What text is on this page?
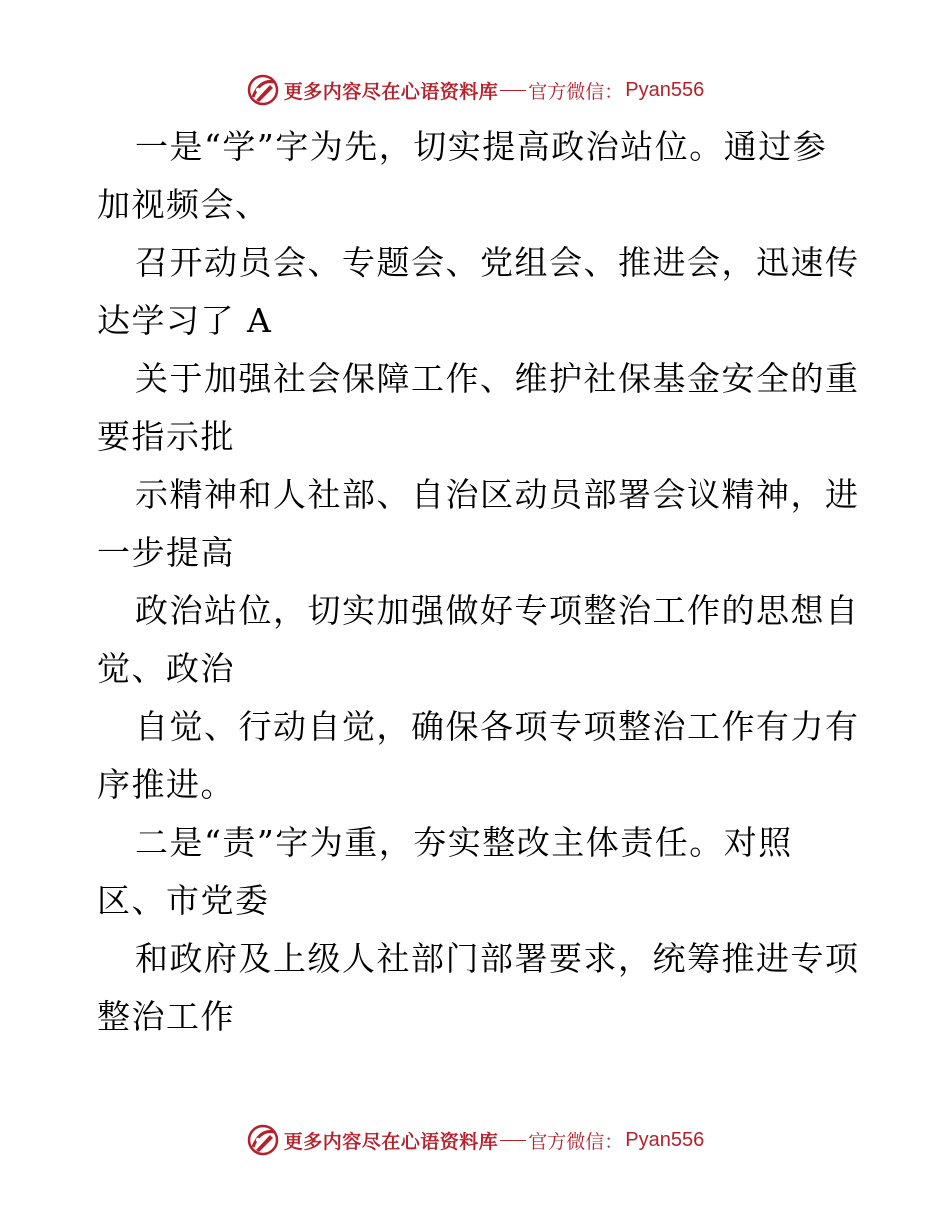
更多内容尽在心语资料库 官方微信： Pyan556
一是“学”字为先，切实提高政治站位。通过参
加视频会、
召开动员会、专题会、党组会、推进会，迅速传
达学习了 A
关于加强社会保障工作、维护社保基金安全的重
要指示批
示精神和人社部、自治区动员部署会议精神，进
一步提高
政治站位，切实加强做好专项整治工作的思想自
觉、政治
自觉、行动自觉，确保各项专项整治工作有力有
序推进。
二是“责”字为重，夯实整改主体责任。对照
区、市党委
和政府及上级人社部门部署要求，统筹推进专项
整治工作
更多内容尽在心语资料库 官方微信： Pyan556
